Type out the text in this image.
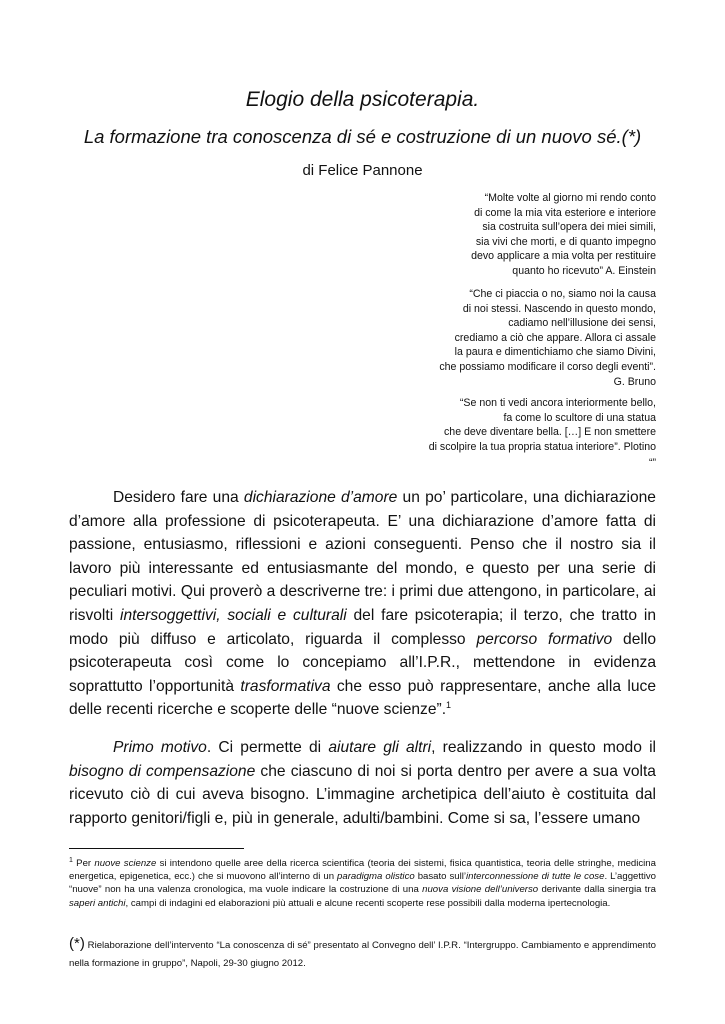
Elogio della psicoterapia.
La formazione tra conoscenza di sé e costruzione di un nuovo sé.(*)
di Felice Pannone
“Molte volte al giorno mi rendo conto
di come la mia vita esteriore e interiore
sia costruita sull’opera dei miei simili,
sia vivi che morti, e di quanto impegno
devo applicare a mia volta per restituire
quanto ho ricevuto” A. Einstein
“Che ci piaccia o no, siamo noi la causa
di noi stessi. Nascendo in questo mondo,
cadiamo nell’illusione dei sensi,
crediamo a ciò che appare. Allora ci assale
la paura e dimentichiamo che siamo Divini,
che possiamo modificare il corso degli eventi”.
G. Bruno
“Se non ti vedi ancora interiormente bello,
fa come lo scultore di una statua
che deve diventare bella. […] E non smettere
di scolpire la tua propria statua interiore”. Plotino
“”

Desidero fare una dichiarazione d’amore un po’ particolare, una dichiarazione d’amore alla professione di psicoterapeuta. E’ una dichiarazione d’amore fatta di passione, entusiasmo, riflessioni e azioni conseguenti. Penso che il nostro sia il lavoro più interessante ed entusiasmante del mondo, e questo per una serie di peculiari motivi. Qui proverò a descriverne tre: i primi due attengono, in particolare, ai risvolti intersoggettivi, sociali e culturali del fare psicoterapia; il terzo, che tratto in modo più diffuso e articolato, riguarda il complesso percorso formativo dello psicoterapeuta così come lo concepiamo all’I.P.R., mettendone in evidenza soprattutto l’opportunità trasformativa che esso può rappresentare, anche alla luce delle recenti ricerche e scoperte delle “nuove scienze”.$^1$

Primo motivo. Ci permette di aiutare gli altri, realizzando in questo modo il bisogno di compensazione che ciascuno di noi si porta dentro per avere a sua volta ricevuto ciò di cui aveva bisogno. L’immagine archetipica dell’aiuto è costituita dal rapporto genitori/figli e, più in generale, adulti/bambini. Come si sa, l’essere umano

$^1$ Per nuove scienze si intendono quelle aree della ricerca scientifica (teoria dei sistemi, fisica quantistica, teoria delle stringhe, medicina energetica, epigenetica, ecc.) che si muovono all’interno di un paradigma olistico basato sull’interconnessione di tutte le cose. L’aggettivo “nuove” non ha una valenza cronologica, ma vuole indicare la costruzione di una nuova visione dell’universo derivante dalla sinergia tra saperi antichi, campi di indagini ed elaborazioni più attuali e alcune recenti scoperte rese possibili dalla moderna ipertecnologia.
(*) Rielaborazione dell’intervento “La conoscenza di sé” presentato al Convegno dell’ I.P.R. “Intergruppo. Cambiamento e apprendimento nella formazione in gruppo”, Napoli, 29-30 giugno 2012.
